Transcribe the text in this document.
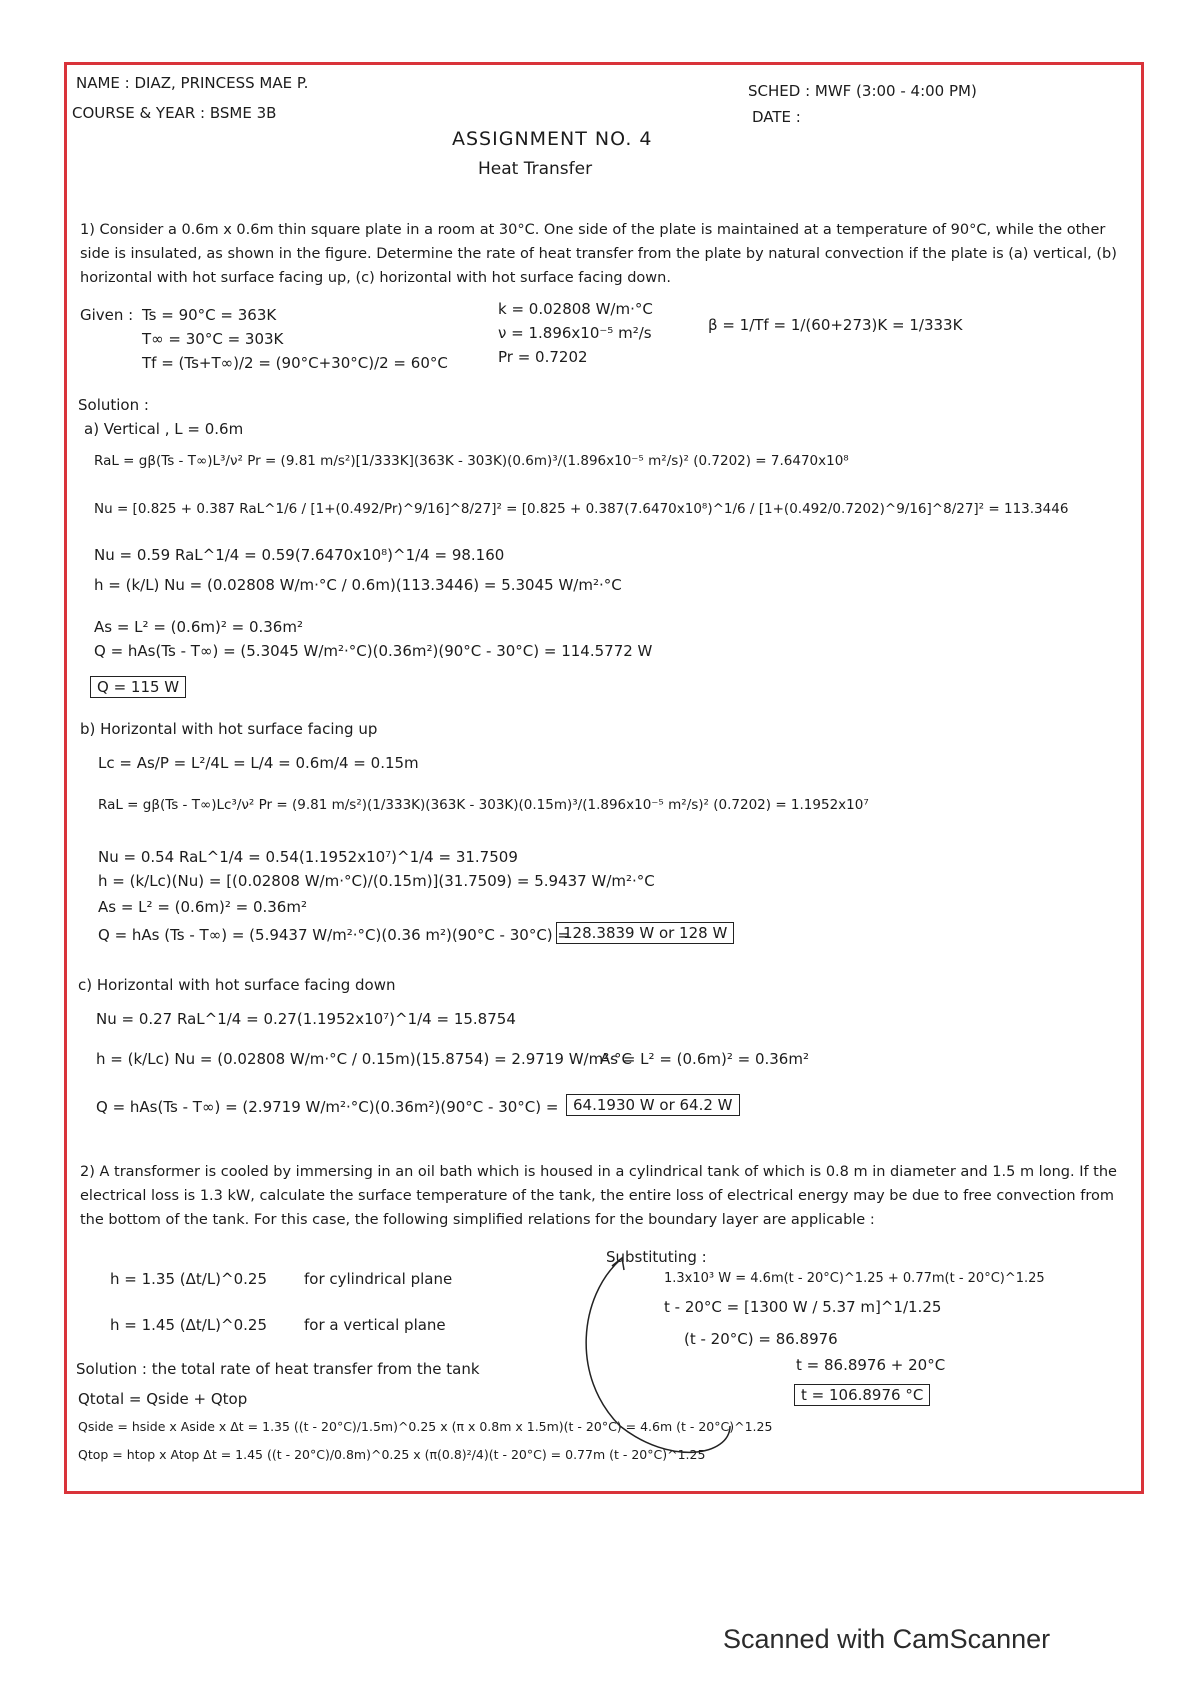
NAME : DIAZ, PRINCESS MAE P.
COURSE & YEAR : BSME 3B
SCHED : MWF (3:00 - 4:00 PM)
DATE :
ASSIGNMENT NO. 4
Heat Transfer
1) Consider a 0.6m x 0.6m thin square plate in a room at 30°C. One side of the plate is maintained at a temperature of 90°C, while the other side is insulated, as shown in the figure. Determine the rate of heat transfer from the plate by natural convection if the plate is (a) vertical, (b) horizontal with hot surface facing up, (c) horizontal with hot surface facing down.
Given : Ts = 90°C = 363K
T∞ = 30°C = 303K
Tf = (Ts+T∞)/2 = (90°C+30°C)/2 = 60°C
k = 0.02808 W/m·°C
ν = 1.896x10⁻⁵ m²/s
Pr = 0.7202
β = 1/Tf = 1/(60+273)K = 1/333K
Solution :
a) Vertical , L = 0.6m
RaL = gβ(Ts - T∞)L³/ν² Pr = (9.81 m/s²)[1/333K](363K - 303K)(0.6m)³/(1.896x10⁻⁵ m²/s)² (0.7202) = 7.6470x10⁸
Nu = [0.825 + 0.387 RaL^1/6 / [1+(0.492/Pr)^9/16]^8/27]² = [0.825 + 0.387(7.6470x10⁸)^1/6 / [1+(0.492/0.7202)^9/16]^8/27]² = 113.3446
Nu = 0.59 RaL^1/4 = 0.59(7.6470x10⁸)^1/4 = 98.160
h = (k/L) Nu = (0.02808 W/m·°C / 0.6m)(113.3446) = 5.3045 W/m²·°C
As = L² = (0.6m)² = 0.36m²
Q = hAs(Ts - T∞) = (5.3045 W/m²·°C)(0.36m²)(90°C - 30°C) = 114.5772 W
Q = 115 W
b) Horizontal with hot surface facing up
Lc = As/P = L²/4L = L/4 = 0.6m/4 = 0.15m
RaL = gβ(Ts - T∞)Lc³/ν² Pr = (9.81 m/s²)(1/333K)(363K - 303K)(0.15m)³/(1.896x10⁻⁵ m²/s)² (0.7202) = 1.1952x10⁷
Nu = 0.54 RaL^1/4 = 0.54(1.1952x10⁷)^1/4 = 31.7509
h = (k/Lc)(Nu) = [(0.02808 W/m·°C)/(0.15m)](31.7509) = 5.9437 W/m²·°C
As = L² = (0.6m)² = 0.36m²
Q = hAs (Ts - T∞) = (5.9437 W/m²·°C)(0.36 m²)(90°C - 30°C) =
128.3839 W or 128 W
c) Horizontal with hot surface facing down
Nu = 0.27 RaL^1/4 = 0.27(1.1952x10⁷)^1/4 = 15.8754
h = (k/Lc) Nu = (0.02808 W/m·°C / 0.15m)(15.8754) = 2.9719 W/m²·°C
As = L² = (0.6m)² = 0.36m²
Q = hAs(Ts - T∞) = (2.9719 W/m²·°C)(0.36m²)(90°C - 30°C) = 64.1930 W or 64.2 W
2) A transformer is cooled by immersing in an oil bath which is housed in a cylindrical tank of which is 0.8 m in diameter and 1.5 m long. If the electrical loss is 1.3 kW, calculate the surface temperature of the tank, the entire loss of electrical energy may be due to free convection from the bottom of the tank. For this case, the following simplified relations for the boundary layer are applicable :
h = 1.35 (Δt/L)^0.25 for cylindrical plane
h = 1.45 (Δt/L)^0.25 for a vertical plane
Solution : the total rate of heat transfer from the tank
Qtotal = Qside + Qtop
Qside = hside x Aside x Δt = 1.35 ((t - 20°C)/1.5m)^0.25 x (π x 0.8m x 1.5m)(t - 20°C) = 4.6m (t - 20°C)^1.25
Qtop = htop x Atop Δt = 1.45 ((t - 20°C)/0.8m)^0.25 x (π(0.8)²/4)(t - 20°C) = 0.77m (t - 20°C)^1.25
Substituting :
1.3x10³ W = 4.6m(t - 20°C)^1.25 + 0.77m(t - 20°C)^1.25
t - 20°C = [1300 W / 5.37 m]^1/1.25
(t - 20°C) = 86.8976
t = 86.8976 + 20°C
t = 106.8976 °C
Scanned with CamScanner
